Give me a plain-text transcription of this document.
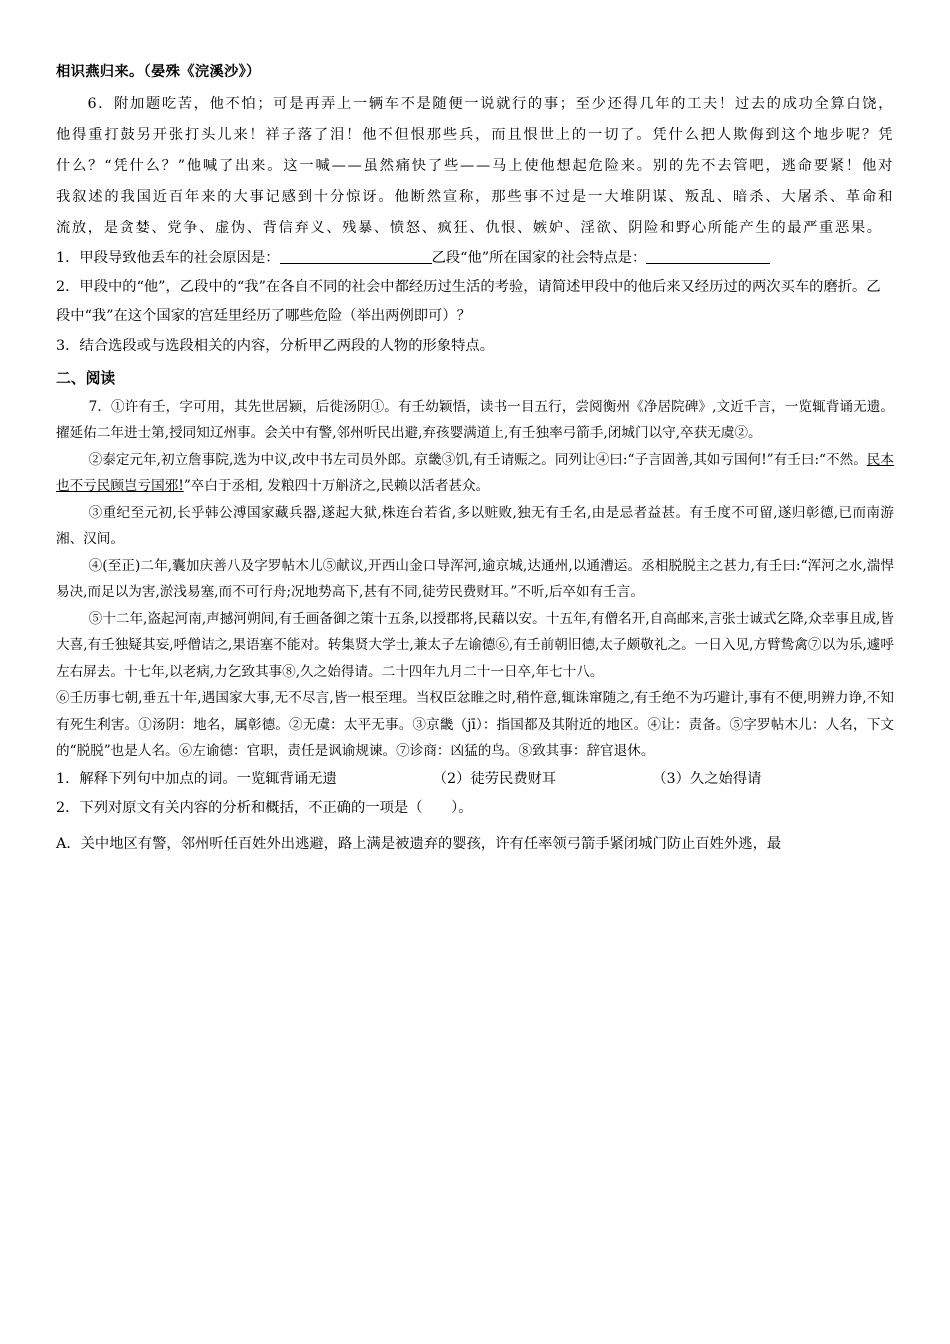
相识燕归来。（晏殊《浣溪沙》）
6．附加题吃苦，他不怕；可是再弄上一辆车不是随便一说就行的事；至少还得几年的工夫！过去的成功全算白饶，他得重打鼓另开张打头儿来！祥子落了泪！他不但恨那些兵，而且恨世上的一切了。凭什么把人欺侮到这个地步呢？凭什么？“凭什么？”他喊了出来。这一喊——虽然痛快了些——马上使他想起危险来。别的先不去管吧，逃命要紧！他对我叙述的我国近百年来的大事记感到十分惊讶。他断然宣称，那些事不过是一大堆阴谋、叛乱、暗杀、大屠杀、革命和流放，是贪婪、党争、虚伪、背信弃义、残暴、愤怒、疯狂、仇恨、嫉妒、淫欲、阴险和野心所能产生的最严重恶果。
1．甲段导致他丢车的社会原因是：	乙段“他”所在国家的社会特点是：
2．甲段中的“他”，乙段中的“我”在各自不同的社会中都经历过生活的考验，请简述甲段中的他后来又经历过的两次买车的磨折。乙段中“我”在这个国家的宫廷里经历了哪些危险（举出两例即可）？
3．结合选段或与选段相关的内容，分析甲乙两段的人物的形象特点。
二、阅读
7．①许有壬，字可用，其先世居颍，后徙汤阴①。有壬幼颖悟，读书一目五行，尝阅衡州《净居院碑》,文近千言，一览辄背诵无遗。擢延佑二年进士第,授同知辽州事。会关中有警,邻州听民出避,弃孩婴满道上,有壬独率弓箭手,闭城门以守,卒获无虞②。
②泰定元年,初立詹事院,选为中议,改中书左司员外郎。京畿③饥,有壬请赈之。同列让④曰:“子言固善,其如亏国何!”有壬曰:“不然。民本也不亏民顾岂亏国邪!”卒白于丞相, 发粮四十万斛济之,民赖以活者甚众。
③重纪至元初,长乎韩公溥国家藏兵器,遂起大狱,株连台若省,多以赃败,独无有壬名,由是忌者益甚。有壬度不可留,遂归彰德,已而南游湘、汉间。
④(至正)二年,囊加庆善八及字罗帖木儿⑤献议,开西山金口导浑河,逾京城,达通州,以通漕运。丞相脱脱主之甚力,有壬曰:“浑河之水,湍悍易决,而足以为害,淤浅易塞,而不可行舟;况地势高下,甚有不同,徒劳民费财耳。”不听,后卒如有壬言。
⑤十二年,盗起河南,声撼河朔间,有壬画备御之策十五条,以授郡将,民藉以安。十五年,有僧名开,自高邮来,言张士诚式乞降,众幸事且成,皆大喜,有壬独疑其妄,呼僧诘之,果语塞不能对。转集贤大学士,兼太子左谕德⑥,有壬前朝旧德,太子颇敬礼之。一日入见,方臂鸷禽⑦以为乐,遽呼左右屏去。十七年,以老病,力乞致其事⑧,久之始得请。二十四年九月二十一日卒,年七十八。
⑥壬历事七朝,垂五十年,遇国家大事,无不尽言,皆一根至理。当权臣忿睢之时,稍忤意,辄诛窜随之,有壬绝不为巧避计,事有不便,明辨力诤,不知有死生利害。①汤阴：地名，属彰德。②无虞：太平无事。③京畿（jī）：指国都及其附近的地区。④让：责备。⑤字罗帖木儿：人名，下文的“脱脱”也是人名。⑥左谕德：官职，责任是讽谕规谏。⑦诊商：凶猛的鸟。⑧致其事：辞官退休。
1．解释下列句中加点的词。一览辄背诵无遗	（2）徒劳民费财耳	（3）久之始得请
2．下列对原文有关内容的分析和概括，不正确的一项是（　　）。
A．关中地区有警，邻州听任百姓外出逃避，路上满是被遗弃的婴孩，许有任率领弓箭手紧闭城门防止百姓外逃，最
